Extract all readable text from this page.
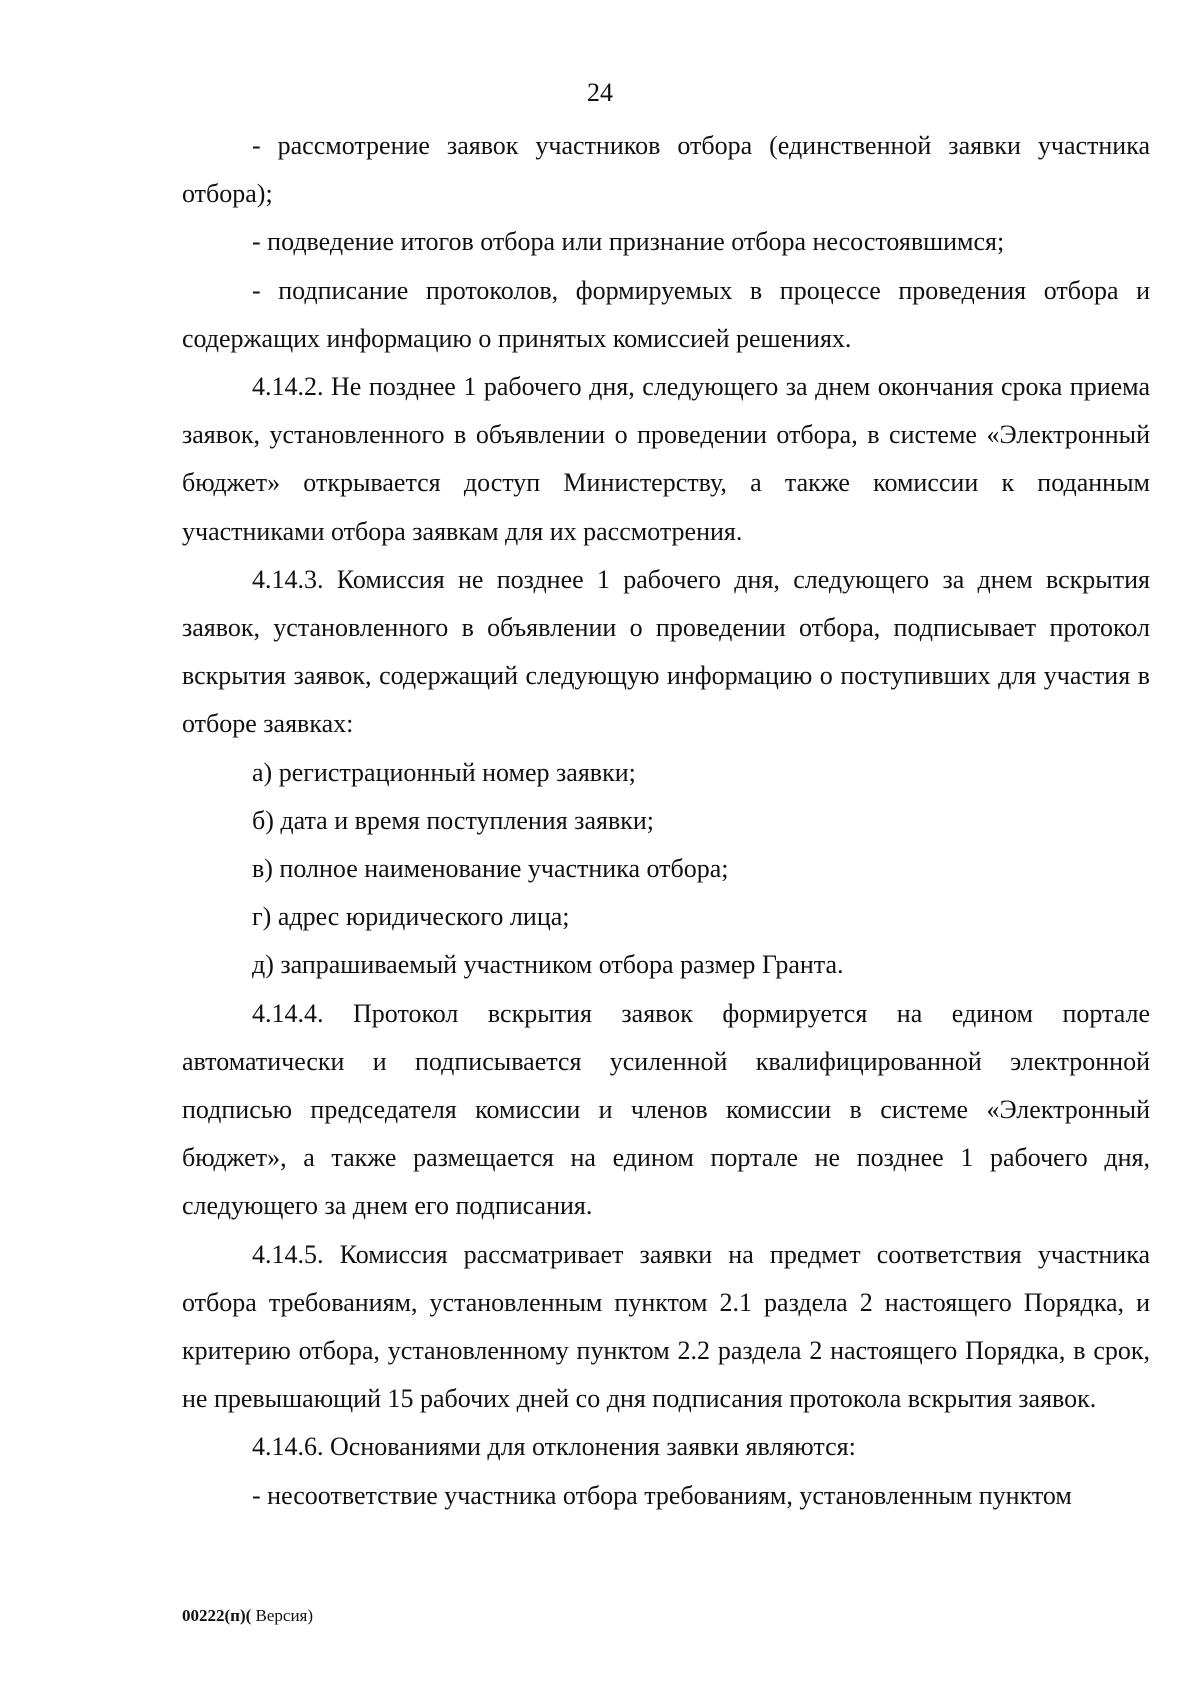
24

- рассмотрение заявок участников отбора (единственной заявки участника отбора);

- подведение итогов отбора или признание отбора несостоявшимся;

- подписание протоколов, формируемых в процессе проведения отбора и содержащих информацию о принятых комиссией решениях.

4.14.2. Не позднее 1 рабочего дня, следующего за днем окончания срока приема заявок, установленного в объявлении о проведении отбора, в системе «Электронный бюджет» открывается доступ Министерству, а также комиссии к поданным участниками отбора заявкам для их рассмотрения.

4.14.3. Комиссия не позднее 1 рабочего дня, следующего за днем вскрытия заявок, установленного в объявлении о проведении отбора, подписывает протокол вскрытия заявок, содержащий следующую информацию о поступивших для участия в отборе заявках:

а) регистрационный номер заявки;

б) дата и время поступления заявки;

в) полное наименование участника отбора;

г) адрес юридического лица;

д) запрашиваемый участником отбора размер Гранта.

4.14.4. Протокол вскрытия заявок формируется на едином портале автоматически и подписывается усиленной квалифицированной электронной подписью председателя комиссии и членов комиссии в системе «Электронный бюджет», а также размещается на едином портале не позднее 1 рабочего дня, следующего за днем его подписания.

4.14.5. Комиссия рассматривает заявки на предмет соответствия участника отбора требованиям, установленным пунктом 2.1 раздела 2 настоящего Порядка, и критерию отбора, установленному пунктом 2.2 раздела 2 настоящего Порядка, в срок, не превышающий 15 рабочих дней со дня подписания протокола вскрытия заявок.

4.14.6. Основаниями для отклонения заявки являются:

- несоответствие участника отбора требованиям, установленным пунктом

00222(п)( Версия)
